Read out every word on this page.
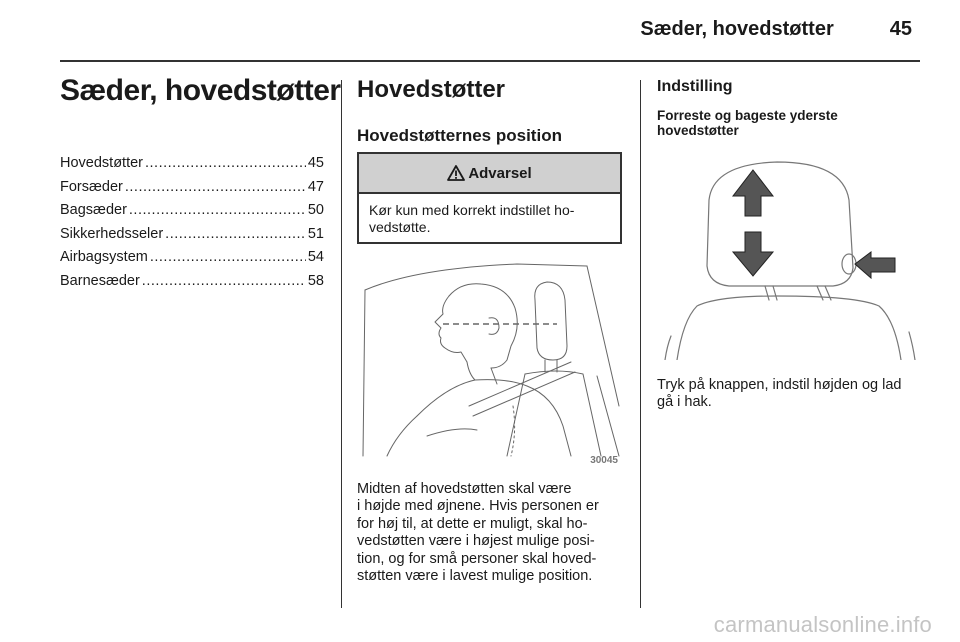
Sæder, hovedstøtter	45
Sæder, hovedstøtter
Hovedstøtter .....	45
Forsæder .....	47
Bagsæder .....	50
Sikkerhedsseler .....	51
Airbagsystem .....	54
Barnesæder .....	58
Hovedstøtter
Hovedstøtternes position
Advarsel
Kør kun med korrekt indstillet ho-vedstøtte.
30045
Midten af hovedstøtten skal være
i højde med øjnene. Hvis personen er
for høj til, at dette er muligt, skal ho-
vedstøtten være i højest mulige posi-
tion, og for små personer skal hoved-
støtten være i lavest mulige position.
Indstilling
Forreste og bageste yderste
hovedstøtter
Tryk på knappen, indstil højden og lad
gå i hak.
carmanualsonline.info
